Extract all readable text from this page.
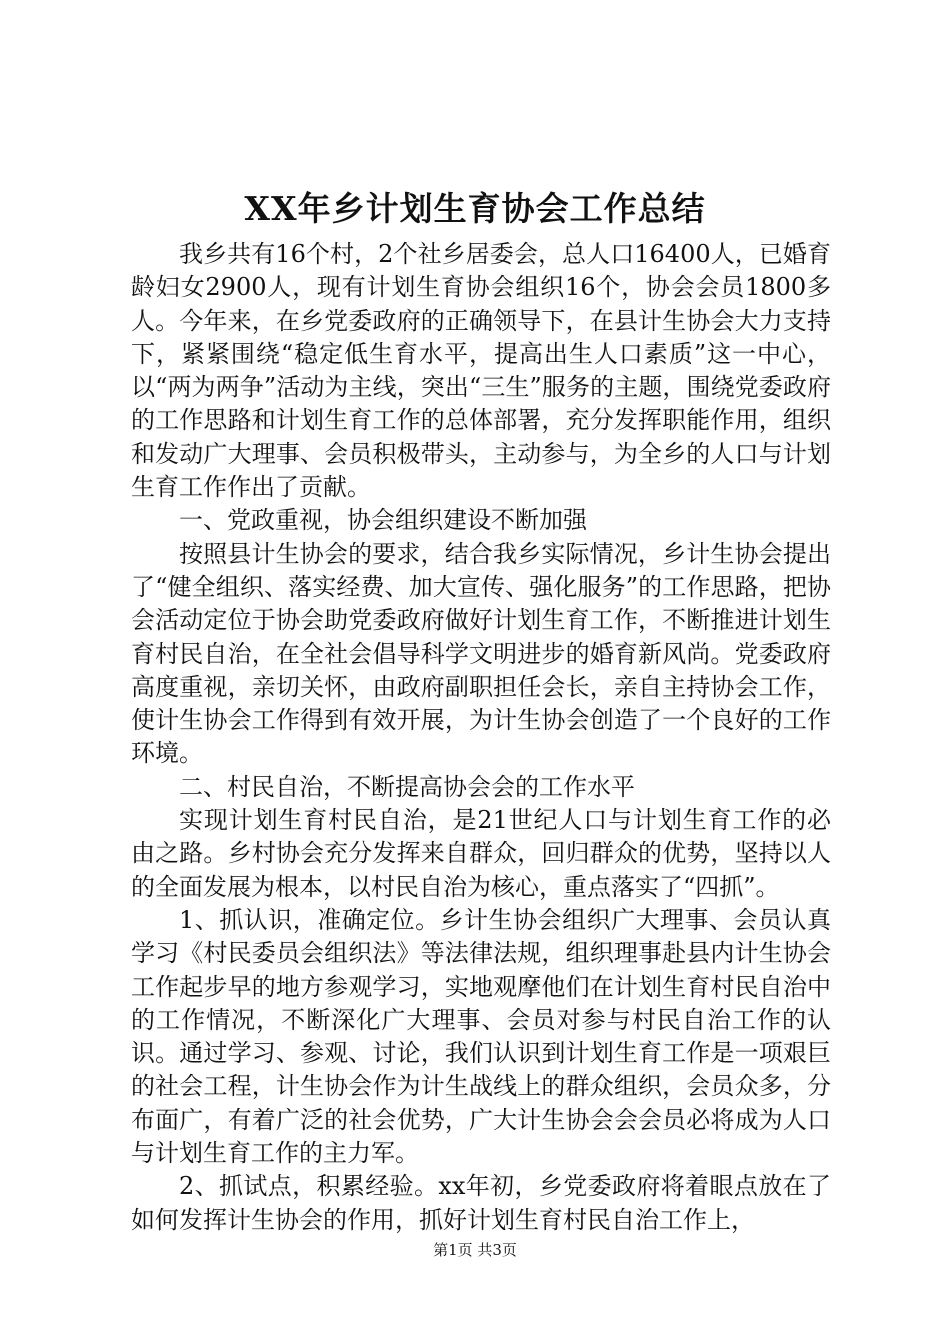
XX年乡计划生育协会工作总结

我乡共有16个村，2个社乡居委会，总人口16400人，已婚育龄妇女2900人，现有计划生育协会组织16个，协会会员1800多人。今年来，在乡党委政府的正确领导下，在县计生协会大力支持下，紧紧围绕“稳定低生育水平，提高出生人口素质”这一中心，以“两为两争”活动为主线，突出“三生”服务的主题，围绕党委政府的工作思路和计划生育工作的总体部署，充分发挥职能作用，组织和发动广大理事、会员积极带头，主动参与，为全乡的人口与计划生育工作作出了贡献。

一、党政重视，协会组织建设不断加强

按照县计生协会的要求，结合我乡实际情况，乡计生协会提出了“健全组织、落实经费、加大宣传、强化服务”的工作思路，把协会活动定位于协会助党委政府做好计划生育工作，不断推进计划生育村民自治，在全社会倡导科学文明进步的婚育新风尚。党委政府高度重视，亲切关怀，由政府副职担任会长，亲自主持协会工作，使计生协会工作得到有效开展，为计生协会创造了一个良好的工作环境。

二、村民自治，不断提高协会会的工作水平

实现计划生育村民自治，是21世纪人口与计划生育工作的必由之路。乡村协会充分发挥来自群众，回归群众的优势，坚持以人的全面发展为根本，以村民自治为核心，重点落实了“四抓”。

1、抓认识，准确定位。乡计生协会组织广大理事、会员认真学习《村民委员会组织法》等法律法规，组织理事赴县内计生协会工作起步早的地方参观学习，实地观摩他们在计划生育村民自治中的工作情况，不断深化广大理事、会员对参与村民自治工作的认识。通过学习、参观、讨论，我们认识到计划生育工作是一项艰巨的社会工程，计生协会作为计生战线上的群众组织，会员众多，分布面广，有着广泛的社会优势，广大计生协会会会员必将成为人口与计划生育工作的主力军。

2、抓试点，积累经验。xx年初，乡党委政府将着眼点放在了如何发挥计生协会的作用，抓好计划生育村民自治工作上，

第1页 共3页
